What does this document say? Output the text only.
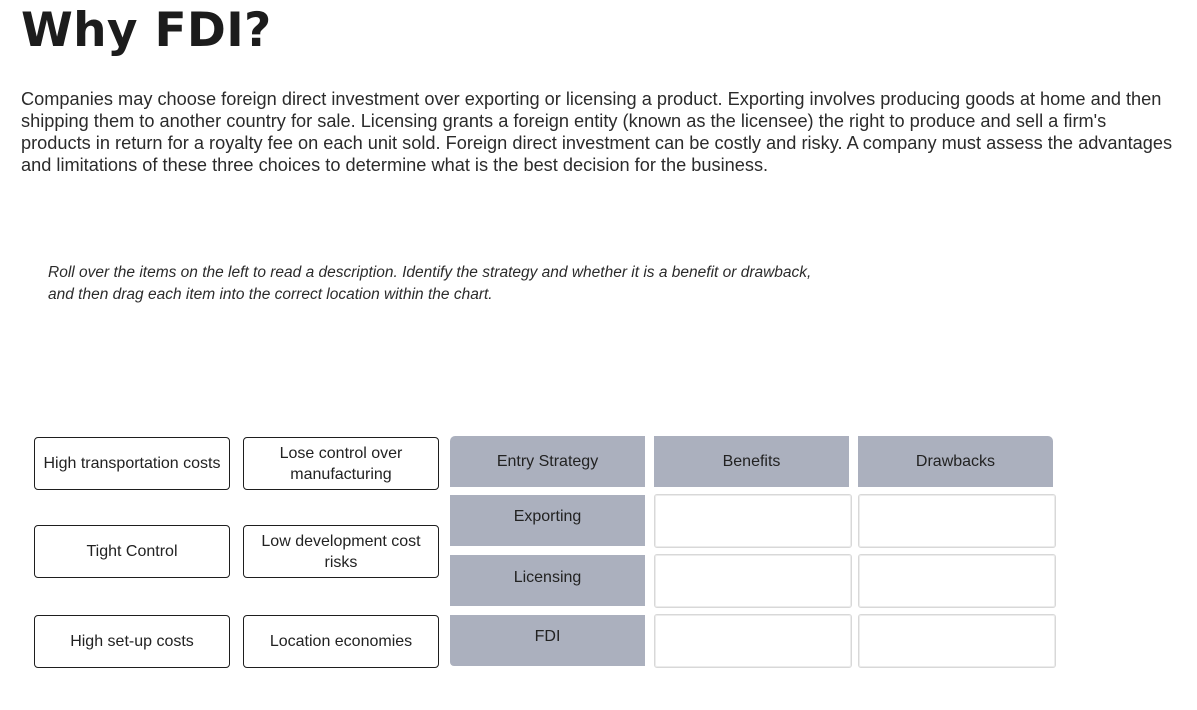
Why FDI?

Companies may choose foreign direct investment over exporting or licensing a product. Exporting involves producing goods at home and then shipping them to another country for sale. Licensing grants a foreign entity (known as the licensee) the right to produce and sell a firm's products in return for a royalty fee on each unit sold. Foreign direct investment can be costly and risky. A company must assess the advantages and limitations of these three choices to determine what is the best decision for the business.

Roll over the items on the left to read a description. Identify the strategy and whether it is a benefit or drawback,
and then drag each item into the correct location within the chart.

High transportation costs
Lose control over manufacturing
Tight Control
Low development cost risks
High set-up costs	Location economies
Entry Strategy	Benefits	Drawbacks
Exporting
Licensing
FDI
